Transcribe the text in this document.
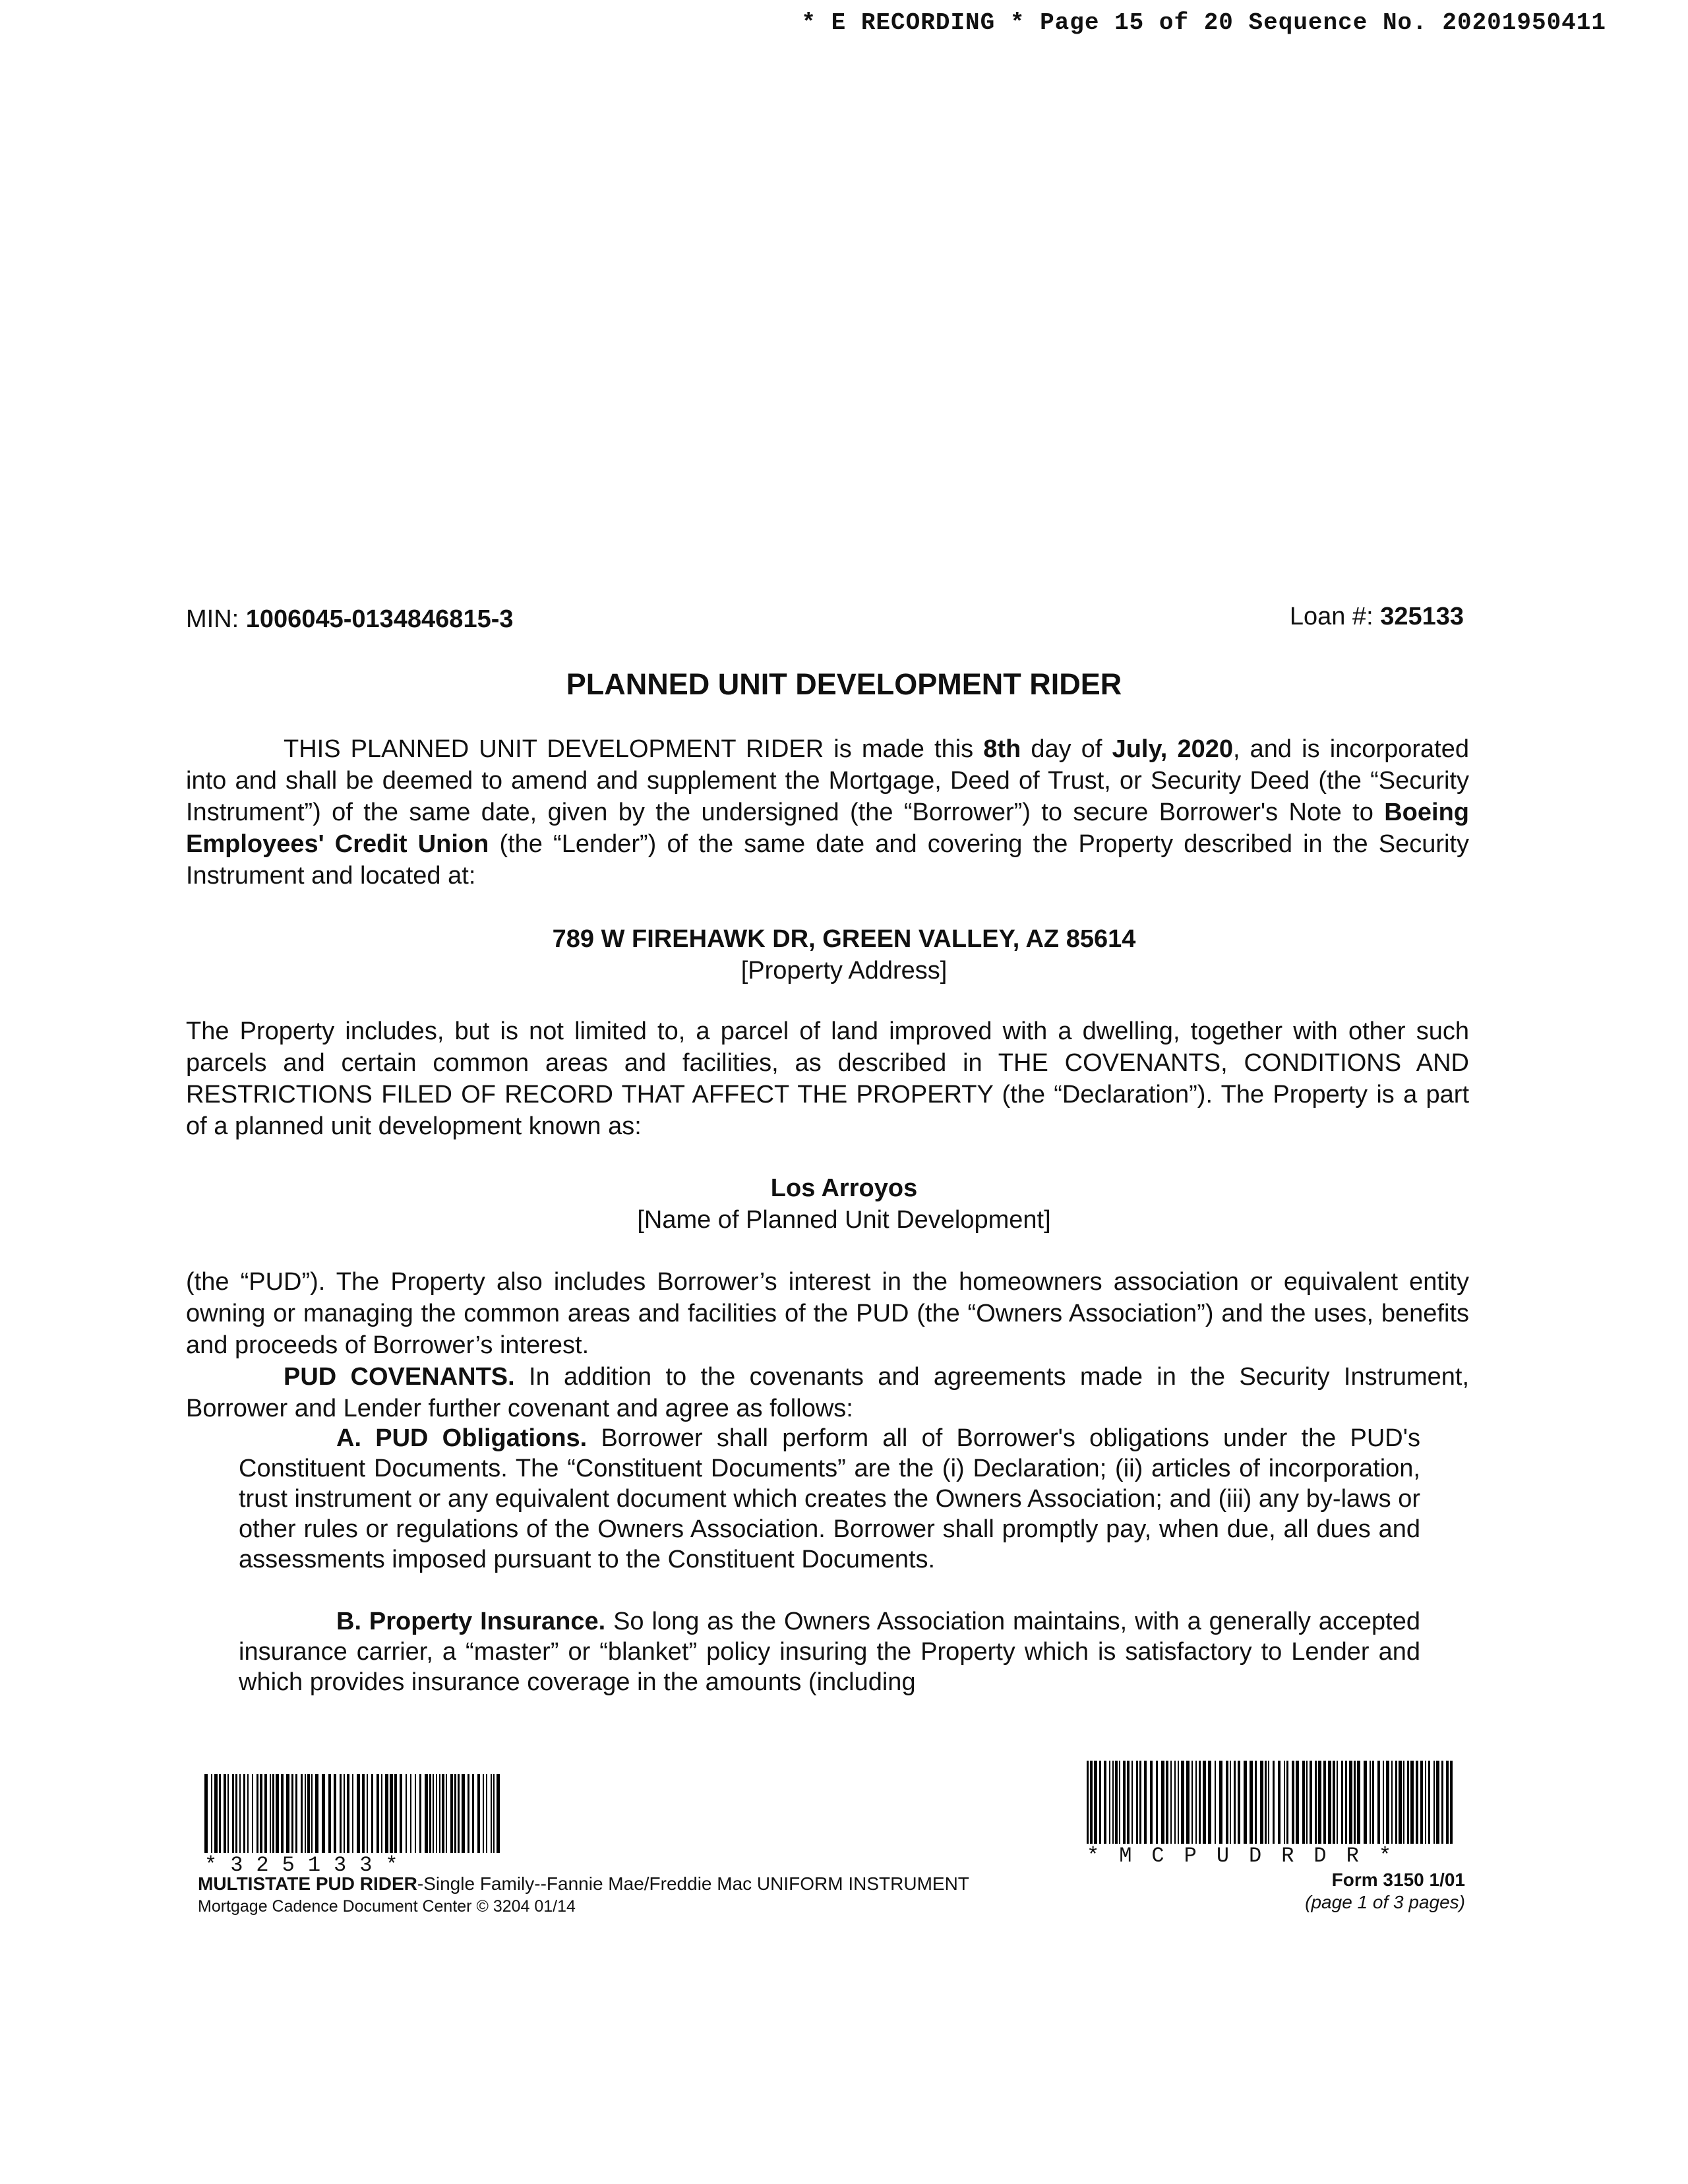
* E RECORDING * Page 15 of 20 Sequence No. 20201950411
MIN: 1006045-0134846815-3	Loan #: 325133
PLANNED UNIT DEVELOPMENT RIDER
THIS PLANNED UNIT DEVELOPMENT RIDER is made this 8th day of July, 2020, and is incorporated into and shall be deemed to amend and supplement the Mortgage, Deed of Trust, or Security Deed (the “Security Instrument”) of the same date, given by the undersigned (the “Borrower”) to secure Borrower's Note to Boeing Employees' Credit Union (the “Lender”) of the same date and covering the Property described in the Security Instrument and located at:
789 W FIREHAWK DR, GREEN VALLEY, AZ 85614
[Property Address]
The Property includes, but is not limited to, a parcel of land improved with a dwelling, together with other such parcels and certain common areas and facilities, as described in THE COVENANTS, CONDITIONS AND RESTRICTIONS FILED OF RECORD THAT AFFECT THE PROPERTY (the “Declaration”). The Property is a part of a planned unit development known as:
Los Arroyos
[Name of Planned Unit Development]
(the “PUD”). The Property also includes Borrower’s interest in the homeowners association or equivalent entity owning or managing the common areas and facilities of the PUD (the “Owners Association”) and the uses, benefits and proceeds of Borrower’s interest.
PUD COVENANTS. In addition to the covenants and agreements made in the Security Instrument, Borrower and Lender further covenant and agree as follows:
A. PUD Obligations. Borrower shall perform all of Borrower's obligations under the PUD's Constituent Documents. The “Constituent Documents” are the (i) Declaration; (ii) articles of incorporation, trust instrument or any equivalent document which creates the Owners Association; and (iii) any by-laws or other rules or regulations of the Owners Association. Borrower shall promptly pay, when due, all dues and assessments imposed pursuant to the Constituent Documents.
B. Property Insurance. So long as the Owners Association maintains, with a generally accepted insurance carrier, a “master” or “blanket” policy insuring the Property which is satisfactory to Lender and which provides insurance coverage in the amounts (including
*325133*	*MCPUDRDR*
MULTISTATE PUD RIDER-Single Family--Fannie Mae/Freddie Mac UNIFORM INSTRUMENT
Mortgage Cadence Document Center © 3204 01/14
Form 3150 1/01
(page 1 of 3 pages)
